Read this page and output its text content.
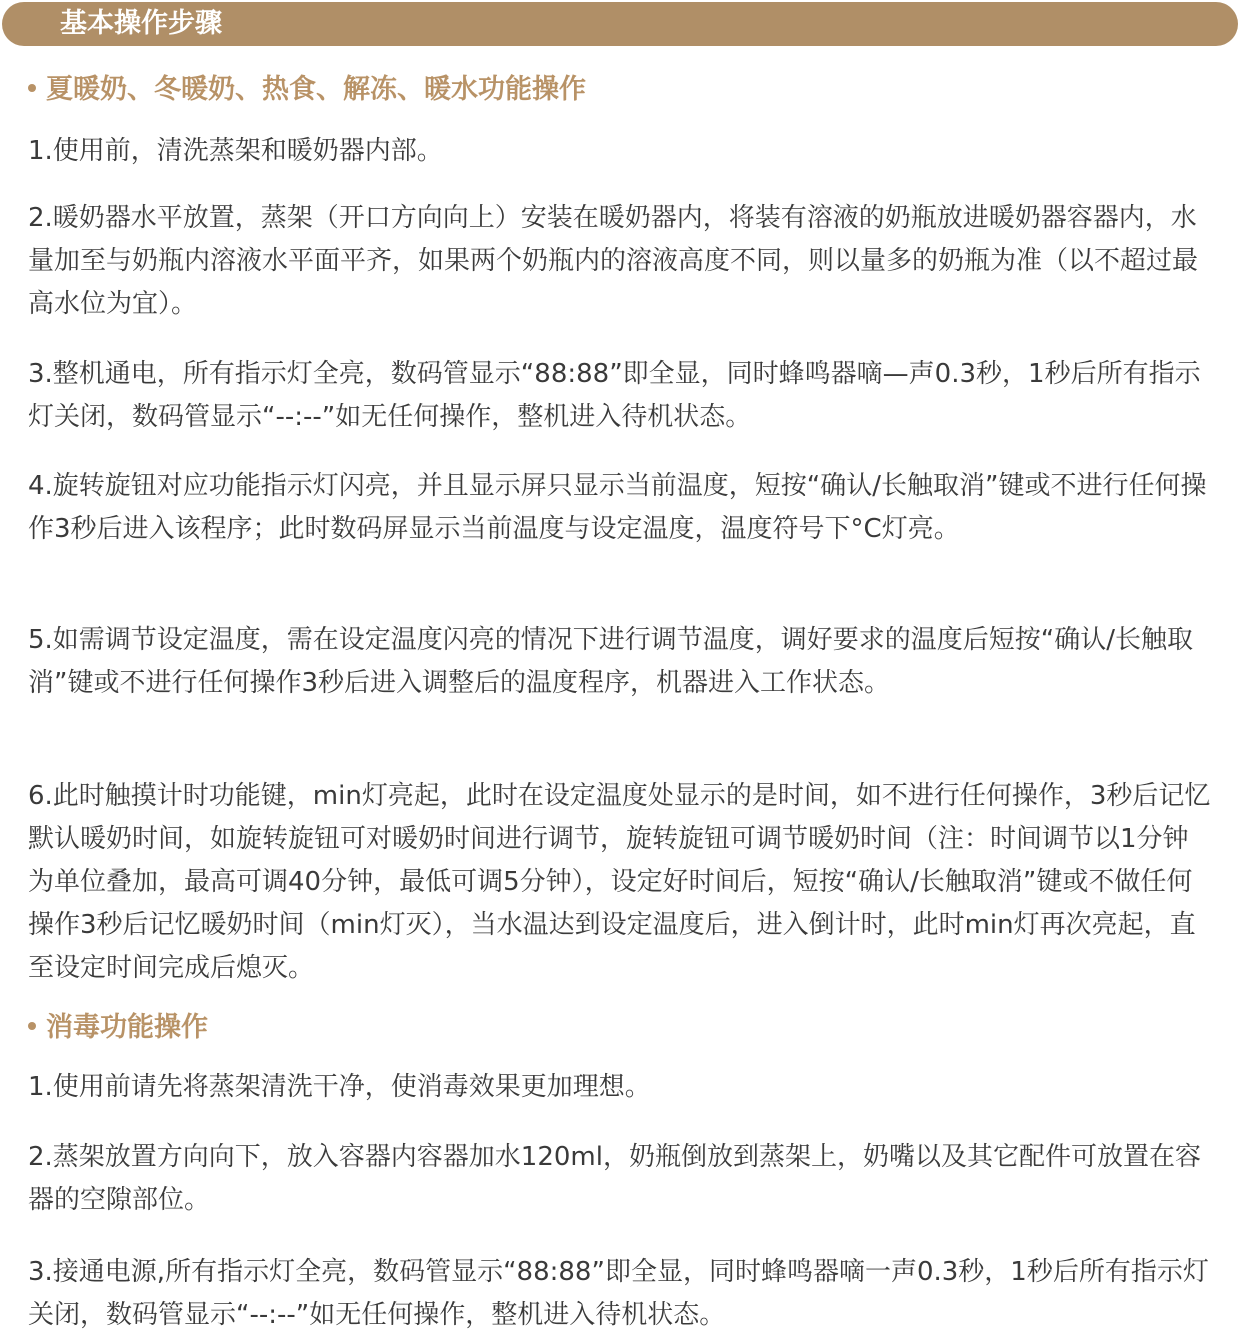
基本操作步骤
夏暖奶、冬暖奶、热食、解冻、暖水功能操作

1.使用前，清洗蒸架和暖奶器内部。

2.暖奶器水平放置，蒸架（开口方向向上）安装在暖奶器内，将装有溶液的奶瓶放进暖奶器容器内，水量加至与奶瓶内溶液水平面平齐，如果两个奶瓶内的溶液高度不同，则以量多的奶瓶为准（以不超过最高水位为宜）。

3.整机通电，所有指示灯全亮，数码管显示“88:88”即全显，同时蜂鸣器嘀—声0.3秒，1秒后所有指示灯关闭，数码管显示“--:--”如无任何操作，整机进入待机状态。

4.旋转旋钮对应功能指示灯闪亮，并且显示屏只显示当前温度，短按“确认/长触取消”键或不进行任何操作3秒后进入该程序；此时数码屏显示当前温度与设定温度，温度符号下°C灯亮。

5.如需调节设定温度，需在设定温度闪亮的情况下进行调节温度，调好要求的温度后短按“确认/长触取消”键或不进行任何操作3秒后进入调整后的温度程序，机器进入工作状态。

6.此时触摸计时功能键，min灯亮起，此时在设定温度处显示的是时间，如不进行任何操作，3秒后记忆默认暖奶时间，如旋转旋钮可对暖奶时间进行调节，旋转旋钮可调节暖奶时间（注：时间调节以1分钟为单位叠加，最高可调40分钟，最低可调5分钟），设定好时间后，短按“确认/长触取消”键或不做任何操作3秒后记忆暖奶时间（min灯灭），当水温达到设定温度后，进入倒计时，此时min灯再次亮起，直至设定时间完成后熄灭。

消毒功能操作

1.使用前请先将蒸架清洗干净，使消毒效果更加理想。

2.蒸架放置方向向下，放入容器内容器加水120ml，奶瓶倒放到蒸架上，奶嘴以及其它配件可放置在容器的空隙部位。

3.接通电源,所有指示灯全亮，数码管显示“88:88”即全显，同时蜂鸣器嘀一声0.3秒，1秒后所有指示灯关闭，数码管显示“--:--”如无任何操作，整机进入待机状态。
